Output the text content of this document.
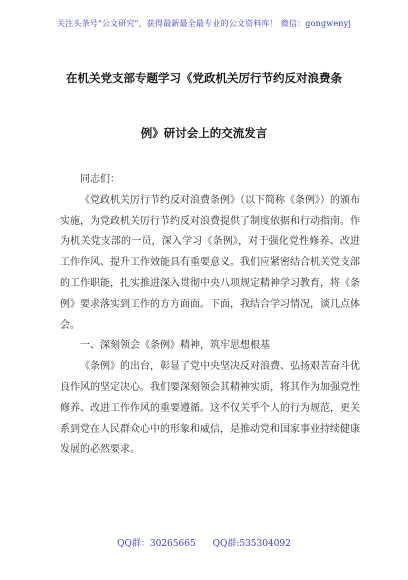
关注头条号"公文研究"，获得最新最全最专业的公文资料库！ 微信：gongwenyj
在机关党支部专题学习《党政机关厉行节约反对浪费条
例》研讨会上的交流发言

同志们：

《党政机关厉行节约反对浪费条例》（以下简称《条例》）的颁布实施，为党政机关厉行节约反对浪费提供了制度依据和行动指南。作为机关党支部的一员，深入学习《条例》，对于强化党性修养、改进工作作风、提升工作效能具有重要意义。我们应紧密结合机关党支部的工作职能，扎实推进深入贯彻中央八项规定精神学习教育，将《条例》要求落实到工作的方方面面。下面，我结合学习情况，谈几点体会。

一、深刻领会《条例》精神，筑牢思想根基

《条例》的出台，彰显了党中央坚决反对浪费、弘扬艰苦奋斗优良作风的坚定决心。我们要深刻领会其精神实质，将其作为加强党性修养、改进工作作风的重要遵循。这不仅关乎个人的行为规范，更关系到党在人民群众心中的形象和威信，是推动党和国家事业持续健康发展的必然要求。

QQ群：30265665 QQ群:535304092
